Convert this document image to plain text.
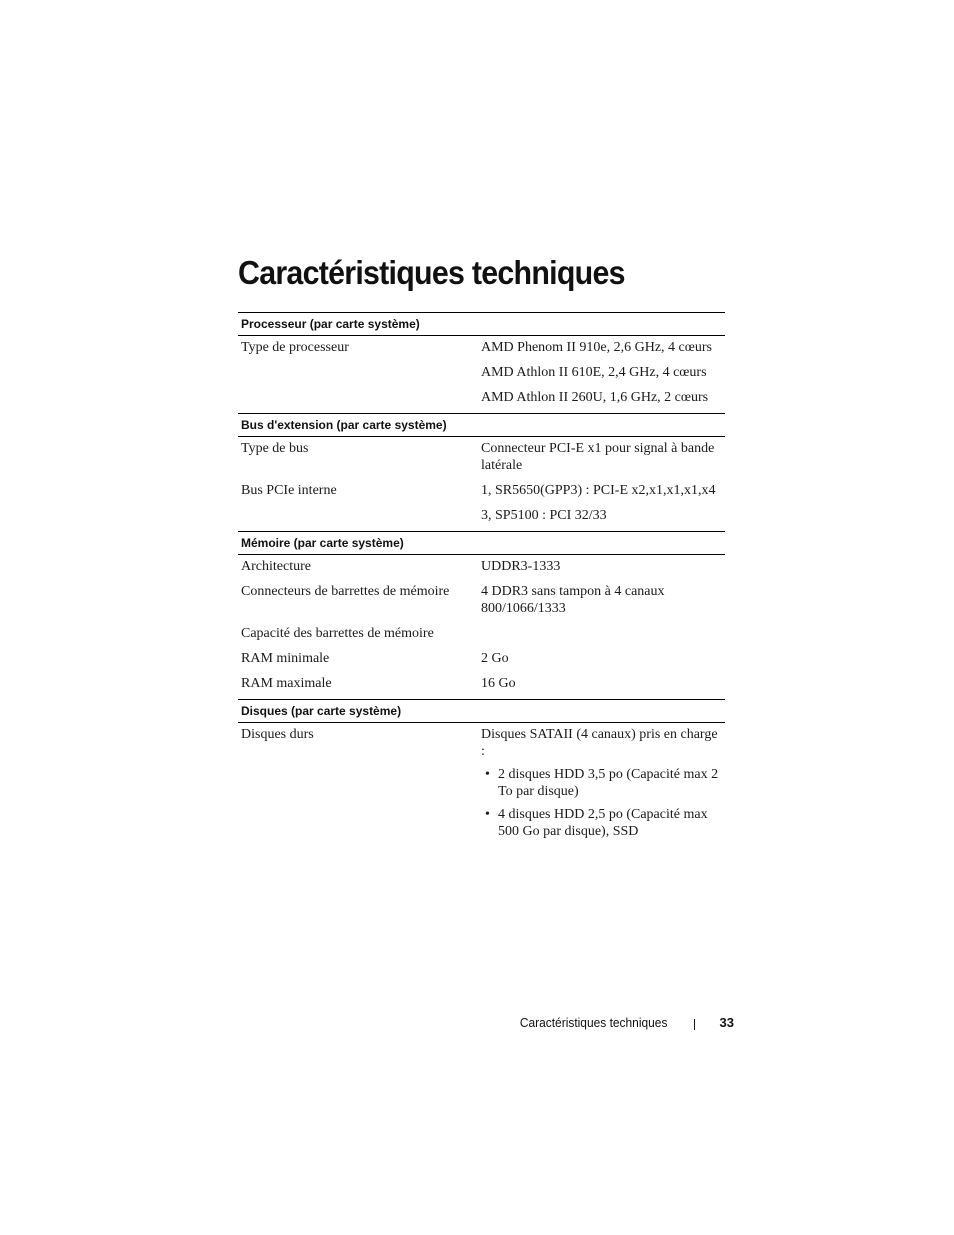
Caractéristiques techniques
Processeur (par carte système)
Type de processeur	AMD Phenom II 910e, 2,6 GHz, 4 cœurs
AMD Athlon II 610E, 2,4 GHz, 4 cœurs
AMD Athlon II 260U, 1,6 GHz, 2 cœurs
Bus d'extension (par carte système)
Type de bus	Connecteur PCI-E x1 pour signal à bande latérale
Bus PCIe interne	1, SR5650(GPP3) : PCI-E x2,x1,x1,x1,x4
3, SP5100 : PCI 32/33
Mémoire (par carte système)
Architecture	UDDR3-1333
Connecteurs de barrettes de mémoire	4 DDR3 sans tampon à 4 canaux 800/1066/1333
Capacité des barrettes de mémoire
RAM minimale	2 Go
RAM maximale	16 Go
Disques (par carte système)
Disques durs	Disques SATAII (4 canaux) pris en charge :
• 2 disques HDD 3,5 po (Capacité max 2 To par disque)
• 4 disques HDD 2,5 po (Capacité max 500 Go par disque), SSD
Caractéristiques techniques	33
